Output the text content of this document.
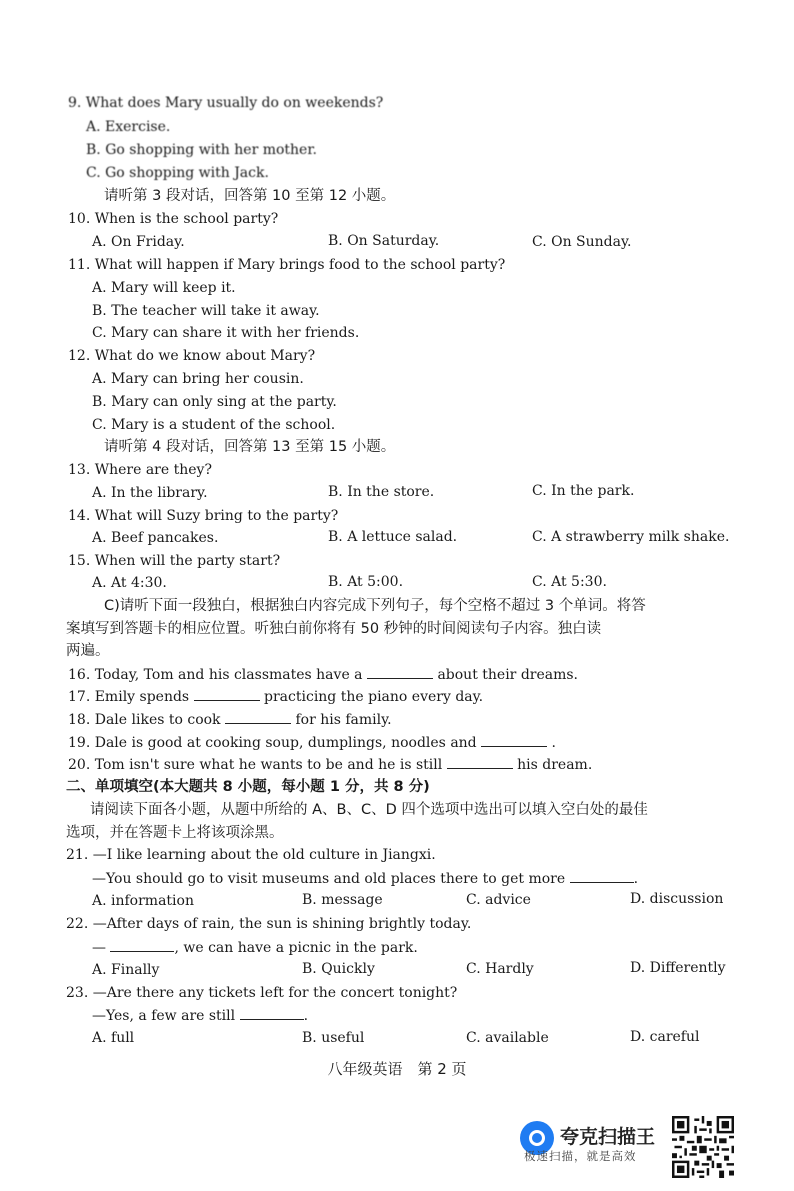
9. What does Mary usually do on weekends?
A. Exercise.
B. Go shopping with her mother.
C. Go shopping with Jack.
请听第 3 段对话，回答第 10 至第 12 小题。
10. When is the school party?
A. On Friday.	B. On Saturday.	C. On Sunday.
11. What will happen if Mary brings food to the school party?
A. Mary will keep it.
B. The teacher will take it away.
C. Mary can share it with her friends.
12. What do we know about Mary?
A. Mary can bring her cousin.
B. Mary can only sing at the party.
C. Mary is a student of the school.
请听第 4 段对话，回答第 13 至第 15 小题。
13. Where are they?
A. In the library.	B. In the store.	C. In the park.
14. What will Suzy bring to the party?
A. Beef pancakes.	B. A lettuce salad.	C. A strawberry milk shake.
15. When will the party start?
A. At 4:30.	B. At 5:00.	C. At 5:30.
C)请听下面一段独白，根据独白内容完成下列句子，每个空格不超过 3 个单词。将答
案填写到答题卡的相应位置。听独白前你将有 50 秒钟的时间阅读句子内容。独白读
两遍。
16. Today, Tom and his classmates have a	about their dreams.
17. Emily spends	practicing the piano every day.
18. Dale likes to cook	for his family.
19. Dale is good at cooking soup, dumplings, noodles and	.
20. Tom isn't sure what he wants to be and he is still	his dream.
二、单项填空(本大题共 8 小题，每小题 1 分，共 8 分)
请阅读下面各小题，从题中所给的 A、B、C、D 四个选项中选出可以填入空白处的最佳
选项，并在答题卡上将该项涂黑。
21. —I like learning about the old culture in Jiangxi.
—You should go to visit museums and old places there to get more	.
A. information	B. message	C. advice	D. discussion
22. —After days of rain, the sun is shining brightly today.
—	, we can have a picnic in the park.
A. Finally	B. Quickly	C. Hardly	D. Differently
23. —Are there any tickets left for the concert tonight?
—Yes, a few are still	.
A. full	B. useful	C. available	D. careful
八年级英语　第 2 页
夸克扫描王
极速扫描，就是高效
